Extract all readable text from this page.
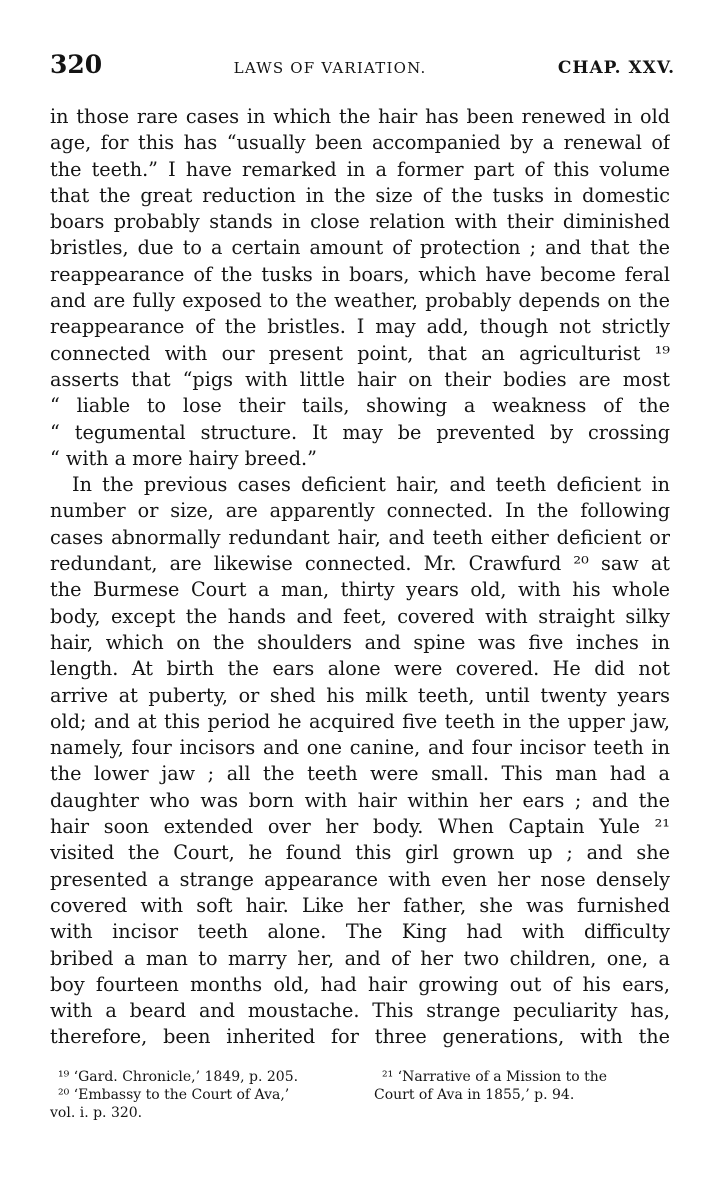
320	LAWS OF VARIATION.	CHAP. XXV.
in those rare cases in which the hair has been renewed in old
age, for this has “usually been accompanied by a renewal of
the teeth.” I have remarked in a former part of this volume
that the great reduction in the size of the tusks in domestic
boars probably stands in close relation with their diminished
bristles, due to a certain amount of protection ; and that the
reappearance of the tusks in boars, which have become feral
and are fully exposed to the weather, probably depends on the
reappearance of the bristles. I may add, though not strictly
connected with our present point, that an agriculturist ¹⁹
asserts that “pigs with little hair on their bodies are most
“ liable to lose their tails, showing a weakness of the
“ tegumental structure. It may be prevented by crossing
“ with a more hairy breed.”
In the previous cases deficient hair, and teeth deficient in
number or size, are apparently connected. In the following
cases abnormally redundant hair, and teeth either deficient or
redundant, are likewise connected. Mr. Crawfurd ²⁰ saw at
the Burmese Court a man, thirty years old, with his whole
body, except the hands and feet, covered with straight silky
hair, which on the shoulders and spine was five inches in
length. At birth the ears alone were covered. He did not
arrive at puberty, or shed his milk teeth, until twenty years
old; and at this period he acquired five teeth in the upper jaw,
namely, four incisors and one canine, and four incisor teeth in
the lower jaw ; all the teeth were small. This man had a
daughter who was born with hair within her ears ; and the
hair soon extended over her body. When Captain Yule ²¹
visited the Court, he found this girl grown up ; and she
presented a strange appearance with even her nose densely
covered with soft hair. Like her father, she was furnished
with incisor teeth alone. The King had with difficulty
bribed a man to marry her, and of her two children, one, a
boy fourteen months old, had hair growing out of his ears,
with a beard and moustache. This strange peculiarity has,
therefore, been inherited for three generations, with the
¹⁹ ‘Gard. Chronicle,’ 1849, p. 205.
²⁰ ‘Embassy to the Court of Ava,’
vol. i. p. 320.
²¹ ‘Narrative of a Mission to the
Court of Ava in 1855,’ p. 94.
